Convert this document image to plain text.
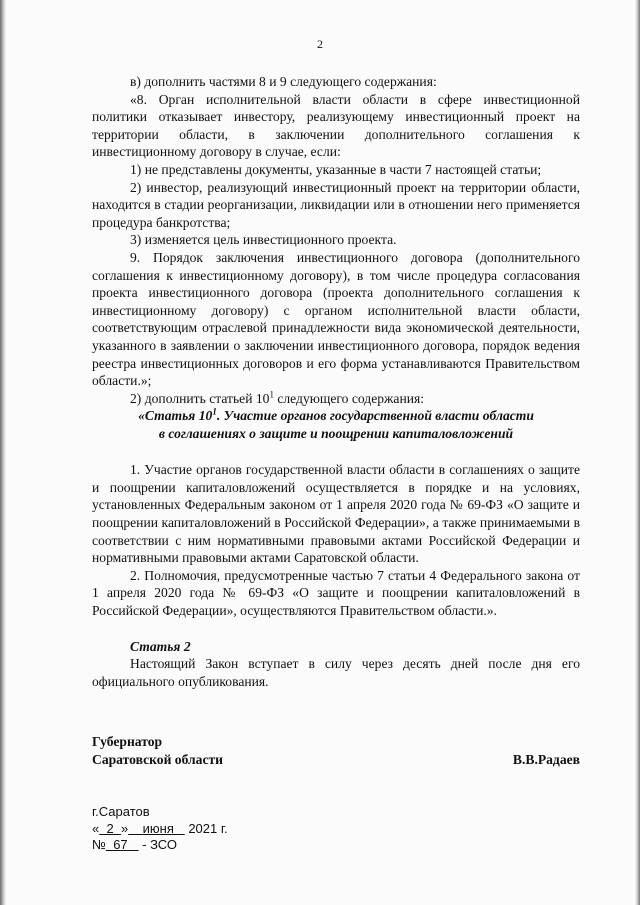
2

в) дополнить частями 8 и 9 следующего содержания:

«8. Орган исполнительной власти области в сфере инвестиционной политики отказывает инвестору, реализующему инвестиционный проект на территории области, в заключении дополнительного соглашения к инвестиционному договору в случае, если:

1) не представлены документы, указанные в части 7 настоящей статьи;

2) инвестор, реализующий инвестиционный проект на территории области, находится в стадии реорганизации, ликвидации или в отношении него применяется процедура банкротства;

3) изменяется цель инвестиционного проекта.

9. Порядок заключения инвестиционного договора (дополнительного соглашения к инвестиционному договору), в том числе процедура согласования проекта инвестиционного договора (проекта дополнительного соглашения к инвестиционному договору) с органом исполнительной власти области, соответствующим отраслевой принадлежности вида экономической деятельности, указанного в заявлении о заключении инвестиционного договора, порядок ведения реестра инвестиционных договоров и его форма устанавливаются Правительством области.»;

2) дополнить статьей $10^1$ следующего содержания:

«Статья $10^1$. Участие органов государственной власти области
в соглашениях о защите и поощрении капиталовложений

1. Участие органов государственной власти области в соглашениях о защите и поощрении капиталовложений осуществляется в порядке и на условиях, установленных Федеральным законом от 1 апреля 2020 года № 69-ФЗ «О защите и поощрении капиталовложений в Российской Федерации», а также принимаемыми в соответствии с ним нормативными правовыми актами Российской Федерации и нормативными правовыми актами Саратовской области.

2. Полномочия, предусмотренные частью 7 статьи 4 Федерального закона от 1 апреля 2020 года № 69-ФЗ «О защите и поощрении капиталовложений в Российской Федерации», осуществляются Правительством области.».

Статья 2

Настоящий Закон вступает в силу через десять дней после дня его официального опубликования.

Губернатор
Саратовской области	В.В.Радаев
г.Саратов
« 2 » июня 2021 г.
№ 67 - ЗСО
